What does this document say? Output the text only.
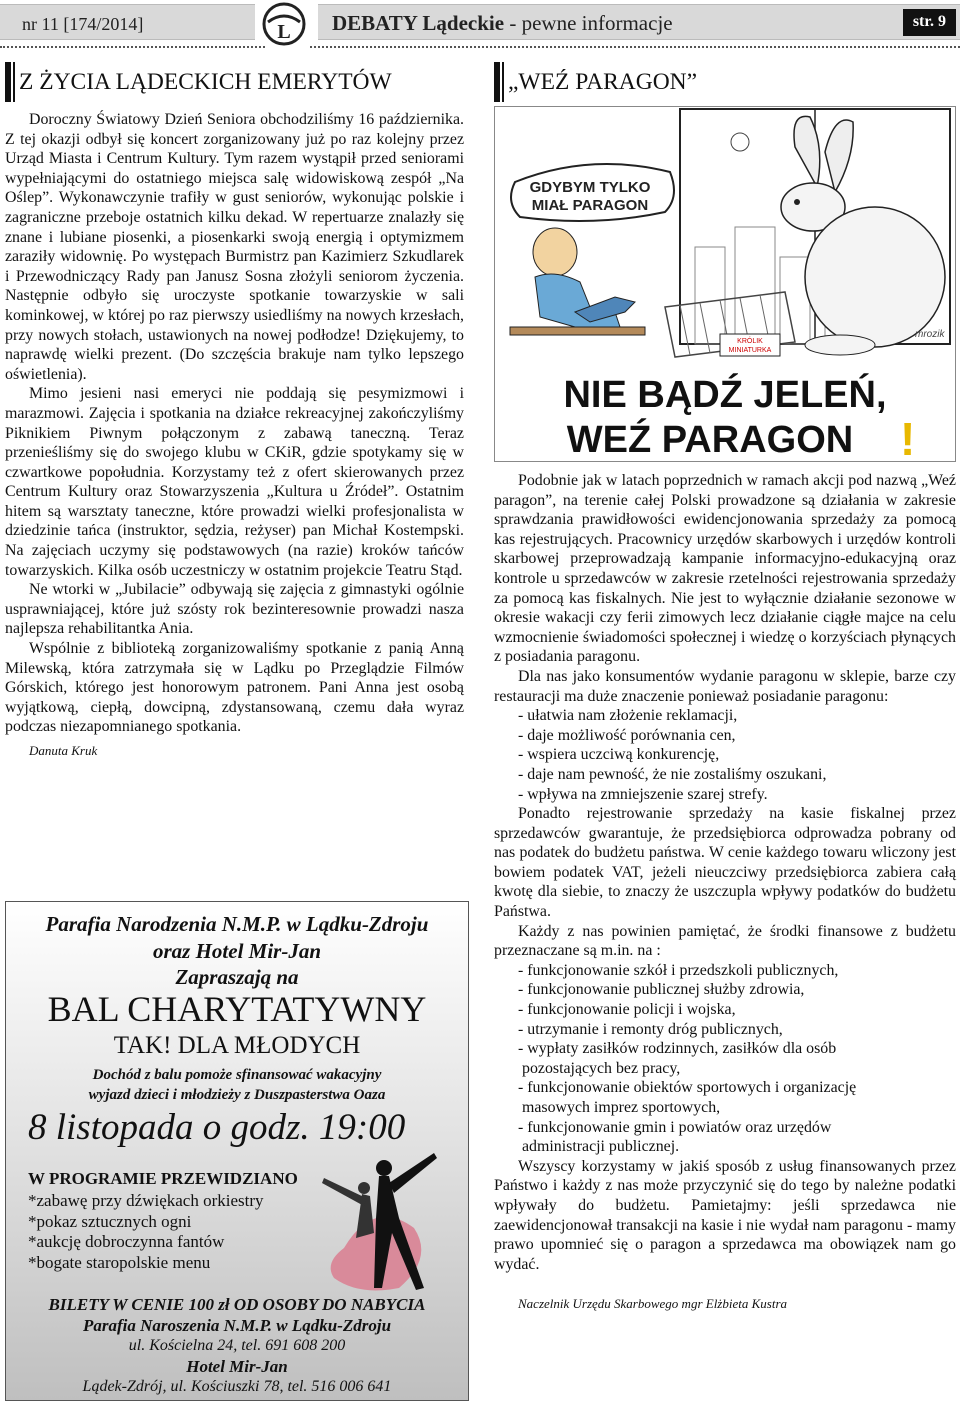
nr 11 [174/2014]	L DEBATY Lądeckie - pewne informacje	str. 9
Z ŻYCIA LĄDECKICH EMERYTÓW

Doroczny Światowy Dzień Seniora obchodziliśmy 16 października. Z tej okazji odbył się koncert zorganizowany już po raz kolejny przez Urząd Miasta i Centrum Kultury. Tym razem wystąpił przed seniorami wypełniającymi do ostatniego miejsca salę widowiskową zespół „Na Oślep”. Wykonawczynie trafiły w gust seniorów, wykonując polskie i zagraniczne przeboje ostatnich kilku dekad. W repertuarze znalazły się znane i lubiane piosenki, a piosenkarki swoją energią i optymizmem zaraziły widownię. Po występach Burmistrz pan Kazimierz Szkudlarek i Przewodniczący Rady pan Janusz Sosna złożyli seniorom życzenia. Następnie odbyło się uroczyste spotkanie towarzyskie w sali kominkowej, w której po raz pierwszy usiedliśmy na nowych krzesłach, przy nowych stołach, ustawionych na nowej podłodze! Dziękujemy, to naprawdę wielki prezent. (Do szczęścia brakuje nam tylko lepszego oświetlenia).

Mimo jesieni nasi emeryci nie poddają się pesymizmowi i marazmowi. Zajęcia i spotkania na działce rekreacyjnej zakończyliśmy Piknikiem Piwnym połączonym z zabawą taneczną. Teraz przenieśliśmy się do swojego klubu w CKiR, gdzie spotykamy się w czwartkowe popołudnia. Korzystamy też z ofert skierowanych przez Centrum Kultury oraz Stowarzyszenia „Kultura u Źródeł”. Ostatnim hitem są warsztaty taneczne, które prowadzi wielki profesjonalista w dziedzinie tańca (instruktor, sędzia, reżyser) pan Michał Kostempski. Na zajęciach uczymy się podstawowych (na razie) kroków tańców towarzyskich. Kilka osób uczestniczy w ostatnim projekcie Teatru Stąd.

Ne wtorki w „Jubilacie” odbywają się zajęcia z gimnastyki ogólnie usprawniającej, które już szósty rok bezinteresownie prowadzi nasza najlepsza rehabilitantka Ania.

Wspólnie z biblioteką zorganizowaliśmy spotkanie z panią Anną Milewską, która zatrzymała się w Lądku po Przeglądzie Filmów Górskich, którego jest honorowym patronem. Pani Anna jest osobą wyjątkową, ciepłą, dowcipną, zdystansowaną, czemu dała wyraz podczas niezapomnianego spotkania.

Danuta Kruk
Parafia Narodzenia N.M.P. w Lądku-Zdroju
oraz Hotel Mir-Jan
Zapraszają na
BAL CHARYTATYWNY
TAK! DLA MŁODYCH
Dochód z balu pomoże sfinansować wakacyjny
wyjazd dzieci i młodzieży z Duszpasterstwa Oaza
8 listopada o godz. 19:00
W PROGRAMIE PRZEWIDZIANO
*zabawę przy dźwiękach orkiestry
*pokaz sztucznych ogni
*aukcję dobroczynna fantów
*bogate staropolskie menu
BILETY W CENIE 100 zł OD OSOBY DO NABYCIA
Parafia Naroszenia N.M.P. w Lądku-Zdroju
ul. Kościelna 24, tel. 691 608 200
Hotel Mir-Jan
Lądek-Zdrój, ul. Kościuszki 78, tel. 516 006 641
„WEŹ PARAGON”
GDYBYM TYLKO
MIAŁ PARAGON
KRÓLIK
MINIATURKA
mrozik
NIE BĄDŹ JELEŃ,
WEŹ PARAGON !

Podobnie jak w latach poprzednich w ramach akcji pod nazwą „Weź paragon”, na terenie całej Polski prowadzone są działania w zakresie sprawdzania prawidłowości ewidencjonowania sprzedaży za pomocą kas rejestrujących. Pracownicy urzędów skarbowych i urzędów kontroli skarbowej przeprowadzają kampanie informacyjno-edukacyjną oraz kontrole u sprzedawców w zakresie rzetelności rejestrowania sprzedaży za pomocą kas fiskalnych. Nie jest to wyłącznie działanie sezonowe w okresie wakacji czy ferii zimowych lecz działanie ciągłe majce na celu wzmocnienie świadomości społecznej i wiedzę o korzyściach płynących z posiadania paragonu.

Dla nas jako konsumentów wydanie paragonu w sklepie, barze czy restauracji ma duże znaczenie ponieważ posiadanie paragonu:

- ułatwia nam złożenie reklamacji,

- daje możliwość porównania cen,

- wspiera uczciwą konkurencję,

- daje nam pewność, że nie zostaliśmy oszukani,

- wpływa na zmniejszenie szarej strefy.

Ponadto rejestrowanie sprzedaży na kasie fiskalnej przez sprzedawców gwarantuje, że przedsiębiorca odprowadza pobrany od nas podatek do budżetu państwa. W cenie każdego towaru wliczony jest bowiem podatek VAT, jeżeli nieuczciwy przedsiębiorca zabiera całą kwotę dla siebie, to znaczy że uszczupla wpływy podatków do budżetu Państwa.

Każdy z nas powinien pamiętać, że środki finansowe z budżetu przeznaczane są m.in. na :

- funkcjonowanie szkół i przedszkoli publicznych,

- funkcjonowanie publicznej służby zdrowia,

- funkcjonowanie policji i wojska,

- utrzymanie i remonty dróg publicznych,

- wypłaty zasiłków rodzinnych, zasiłków dla osób

pozostających bez pracy,

- funkcjonowanie obiektów sportowych i organizację

masowych imprez sportowych,

- funkcjonowanie gmin i powiatów oraz urzędów

administracji publicznej.

Wszyscy korzystamy w jakiś sposób z usług finansowanych przez Państwo i każdy z nas może przyczynić się do tego by należne podatki wpływały do budżetu. Pamietajmy: jeśli sprzedawca nie zaewidencjonował transakcji na kasie i nie wydał nam paragonu - mamy prawo upomnieć się o paragon a sprzedawca ma obowiązek nam go wydać.

Naczelnik Urzędu Skarbowego mgr Elżbieta Kustra
